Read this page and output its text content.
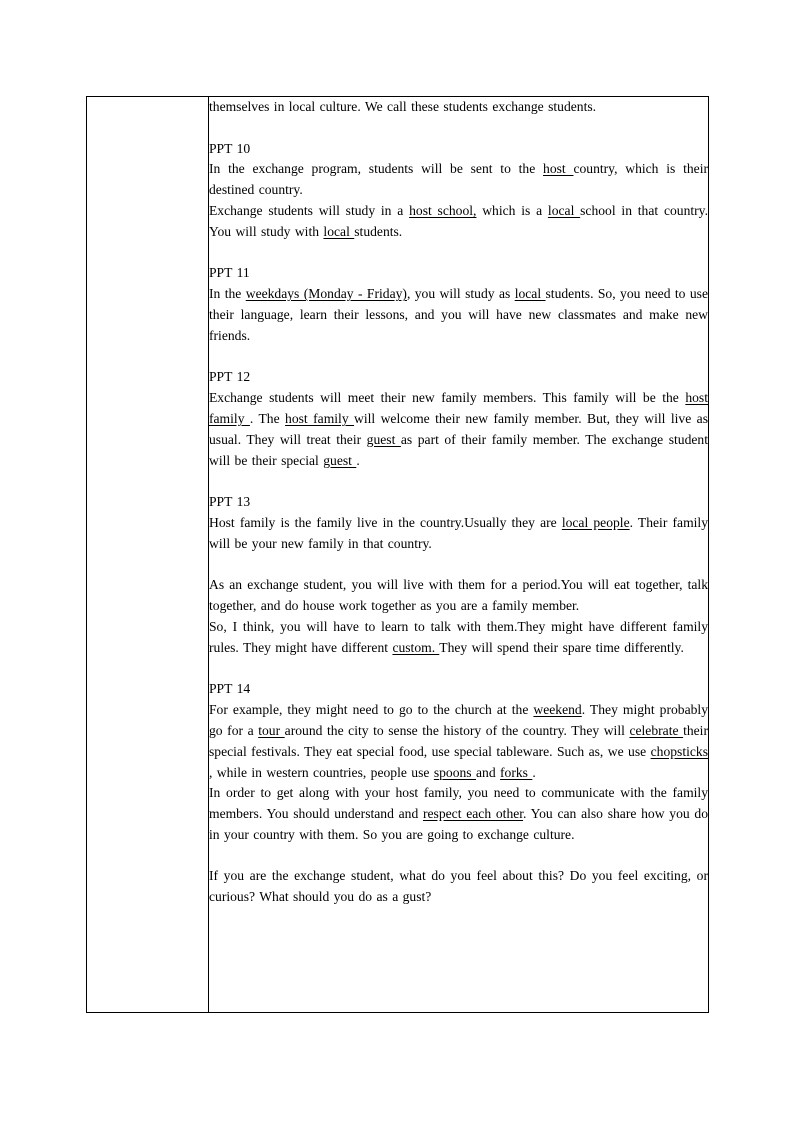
themselves in local culture. We call these students exchange students.

PPT 10

In the exchange program, students will be sent to the host country, which is their destined country.

Exchange students will study in a host school, which is a local school in that country. You will study with local students.

PPT 11

In the weekdays (Monday - Friday), you will study as local students. So, you need to use their language, learn their lessons, and you will have new classmates and make new friends.

PPT 12

Exchange students will meet their new family members. This family will be the host family . The host family will welcome their new family member. But, they will live as usual. They will treat their guest as part of their family member. The exchange student will be their special guest .

PPT 13

Host family is the family live in the country.Usually they are local people. Their family will be your new family in that country.

As an exchange student, you will live with them for a period.You will eat together, talk together, and do house work together as you are a family member.

So, I think, you will have to learn to talk with them.They might have different family rules. They might have different custom. They will spend their spare time differently.

PPT 14

For example, they might need to go to the church at the weekend. They might probably go for a tour around the city to sense the history of the country. They will celebrate their special festivals. They eat special food, use special tableware. Such as, we use chopsticks , while in western countries, people use spoons and forks .

In order to get along with your host family, you need to communicate with the family members. You should understand and respect each other. You can also share how you do in your country with them. So you are going to exchange culture.

If you are the exchange student, what do you feel about this? Do you feel exciting, or curious? What should you do as a gust?
